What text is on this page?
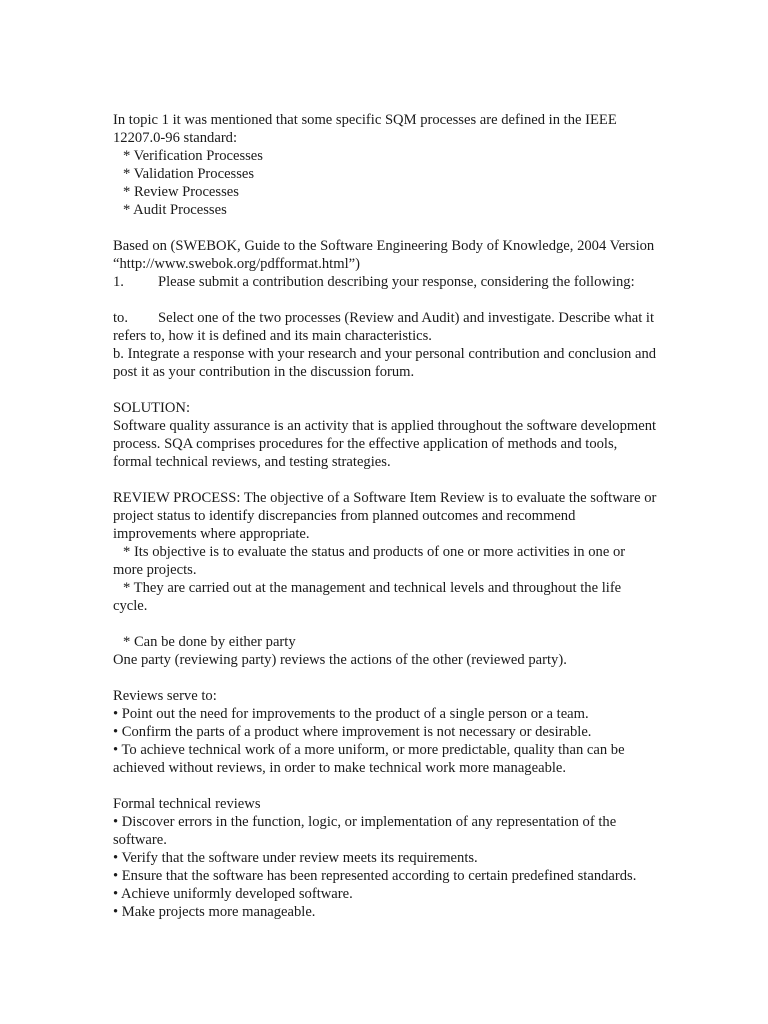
In topic 1 it was mentioned that some specific SQM processes are defined in the IEEE 12207.0-96 standard:
* Verification Processes
* Validation Processes
* Review Processes
* Audit Processes
Based on (SWEBOK, Guide to the Software Engineering Body of Knowledge, 2004 Version “http://www.swebok.org/pdfformat.html”)
1. Please submit a contribution describing your response, considering the following:
to. Select one of the two processes (Review and Audit) and investigate. Describe what it refers to, how it is defined and its main characteristics.
b. Integrate a response with your research and your personal contribution and conclusion and post it as your contribution in the discussion forum.
SOLUTION:
Software quality assurance is an activity that is applied throughout the software development process. SQA comprises procedures for the effective application of methods and tools, formal technical reviews, and testing strategies.
REVIEW PROCESS: The objective of a Software Item Review is to evaluate the software or project status to identify discrepancies from planned outcomes and recommend improvements where appropriate.
* Its objective is to evaluate the status and products of one or more activities in one or more projects.
* They are carried out at the management and technical levels and throughout the life cycle.
* Can be done by either party
One party (reviewing party) reviews the actions of the other (reviewed party).
Reviews serve to:
• Point out the need for improvements to the product of a single person or a team.
• Confirm the parts of a product where improvement is not necessary or desirable.
• To achieve technical work of a more uniform, or more predictable, quality than can be achieved without reviews, in order to make technical work more manageable.
Formal technical reviews
• Discover errors in the function, logic, or implementation of any representation of the software.
• Verify that the software under review meets its requirements.
• Ensure that the software has been represented according to certain predefined standards.
• Achieve uniformly developed software.
• Make projects more manageable.
